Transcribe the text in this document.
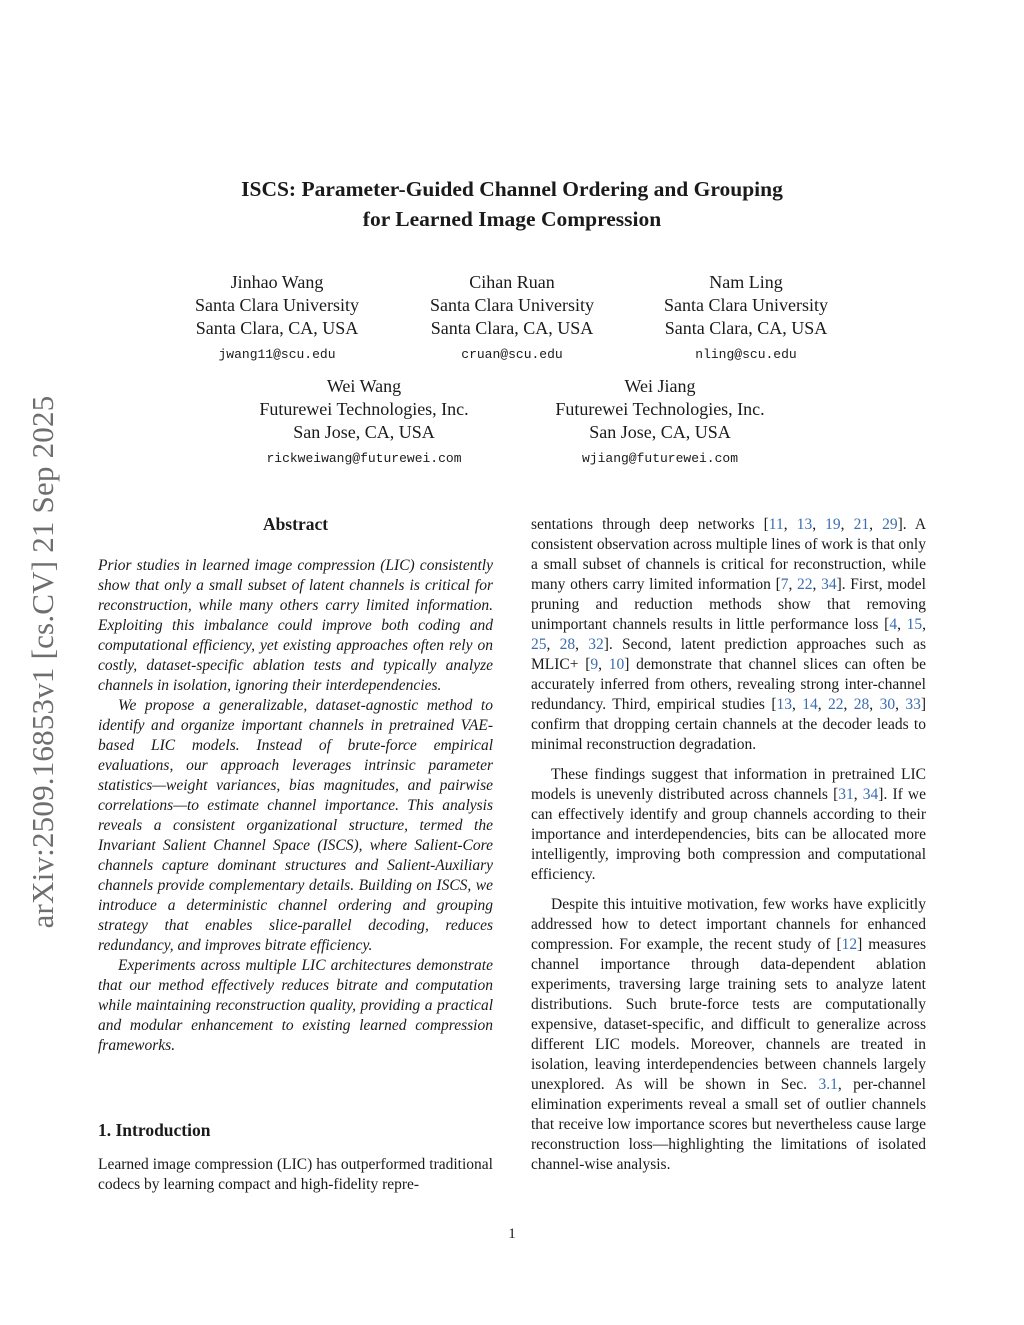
arXiv:2509.16853v1 [cs.CV] 21 Sep 2025
ISCS: Parameter-Guided Channel Ordering and Grouping
for Learned Image Compression
Jinhao Wang
Santa Clara University
Santa Clara, CA, USA
jwang11@scu.edu
Cihan Ruan
Santa Clara University
Santa Clara, CA, USA
cruan@scu.edu
Nam Ling
Santa Clara University
Santa Clara, CA, USA
nling@scu.edu
Wei Wang
Futurewei Technologies, Inc.
San Jose, CA, USA
rickweiwang@futurewei.com
Wei Jiang
Futurewei Technologies, Inc.
San Jose, CA, USA
wjiang@futurewei.com
Abstract

Prior studies in learned image compression (LIC) consistently show that only a small subset of latent channels is critical for reconstruction, while many others carry limited information. Exploiting this imbalance could improve both coding and computational efficiency, yet existing approaches often rely on costly, dataset-specific ablation tests and typically analyze channels in isolation, ignoring their interdependencies.

We propose a generalizable, dataset-agnostic method to identify and organize important channels in pretrained VAE-based LIC models. Instead of brute-force empirical evaluations, our approach leverages intrinsic parameter statistics—weight variances, bias magnitudes, and pairwise correlations—to estimate channel importance. This analysis reveals a consistent organizational structure, termed the Invariant Salient Channel Space (ISCS), where Salient-Core channels capture dominant structures and Salient-Auxiliary channels provide complementary details. Building on ISCS, we introduce a deterministic channel ordering and grouping strategy that enables slice-parallel decoding, reduces redundancy, and improves bitrate efficiency.

Experiments across multiple LIC architectures demonstrate that our method effectively reduces bitrate and computation while maintaining reconstruction quality, providing a practical and modular enhancement to existing learned compression frameworks.

1. Introduction

Learned image compression (LIC) has outperformed traditional codecs by learning compact and high-fidelity repre-

sentations through deep networks [11, 13, 19, 21, 29]. A consistent observation across multiple lines of work is that only a small subset of channels is critical for reconstruction, while many others carry limited information [7, 22, 34]. First, model pruning and reduction methods show that removing unimportant channels results in little performance loss [4, 15, 25, 28, 32]. Second, latent prediction approaches such as MLIC+ [9, 10] demonstrate that channel slices can often be accurately inferred from others, revealing strong inter-channel redundancy. Third, empirical studies [13, 14, 22, 28, 30, 33] confirm that dropping certain channels at the decoder leads to minimal reconstruction degradation.

These findings suggest that information in pretrained LIC models is unevenly distributed across channels [31, 34]. If we can effectively identify and group channels according to their importance and interdependencies, bits can be allocated more intelligently, improving both compression and computational efficiency.

Despite this intuitive motivation, few works have explicitly addressed how to detect important channels for enhanced compression. For example, the recent study of [12] measures channel importance through data-dependent ablation experiments, traversing large training sets to analyze latent distributions. Such brute-force tests are computationally expensive, dataset-specific, and difficult to generalize across different LIC models. Moreover, channels are treated in isolation, leaving interdependencies between channels largely unexplored. As will be shown in Sec. 3.1, per-channel elimination experiments reveal a small set of outlier channels that receive low importance scores but nevertheless cause large reconstruction loss—highlighting the limitations of isolated channel-wise analysis.

1
